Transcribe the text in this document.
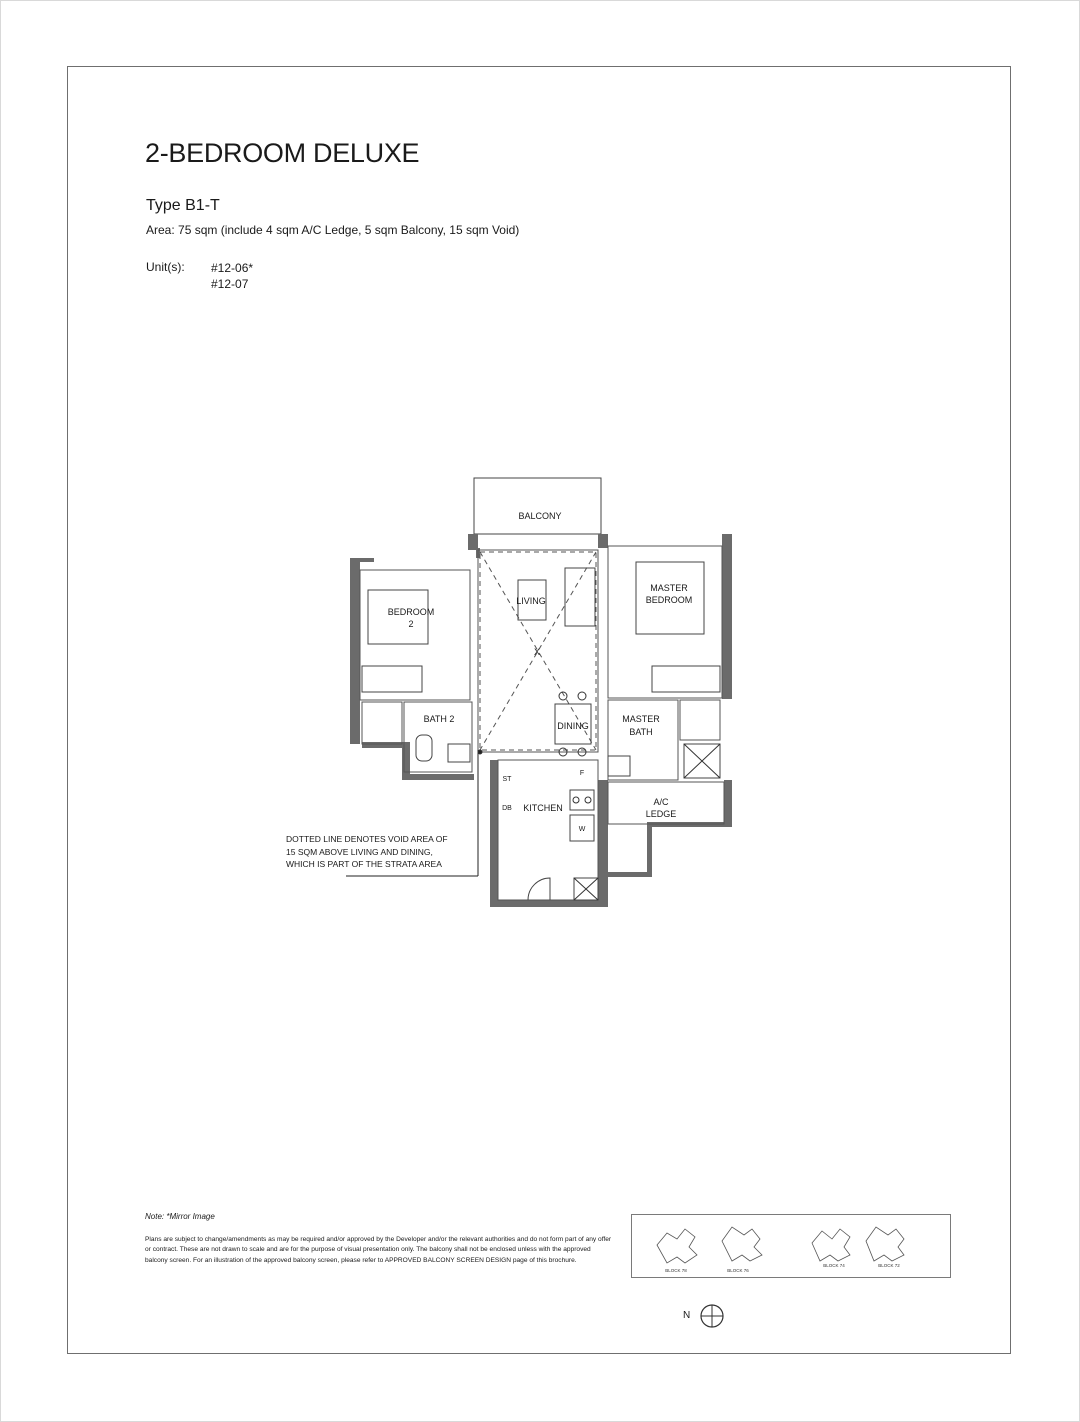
2-BEDROOM DELUXE
Type B1-T
Area: 75 sqm (include 4 sqm A/C Ledge, 5 sqm Balcony, 15 sqm Void)
Unit(s): #12-06*
#12-07
BALCONY
LIVING
MASTER
BEDROOM
BEDROOM
2
BATH 2
DINING
MASTER
BATH
KITCHEN
A/C
LEDGE
X
ST
DB
F
W
DOTTED LINE DENOTES VOID AREA OF 15 SQM ABOVE LIVING AND DINING, WHICH IS PART OF THE STRATA AREA
Note: *Mirror Image
Plans are subject to change/amendments as may be required and/or approved by the Developer and/or the relevant authorities and do not form part of any offer or contract. These are not drawn to scale and are for the purpose of visual presentation only. The balcony shall not be enclosed unless with the approved balcony screen. For an illustration of the approved balcony screen, please refer to APPROVED BALCONY SCREEN DESIGN page of this brochure.
BLOCK 78	BLOCK 76
BLOCK 74	BLOCK 72
N
